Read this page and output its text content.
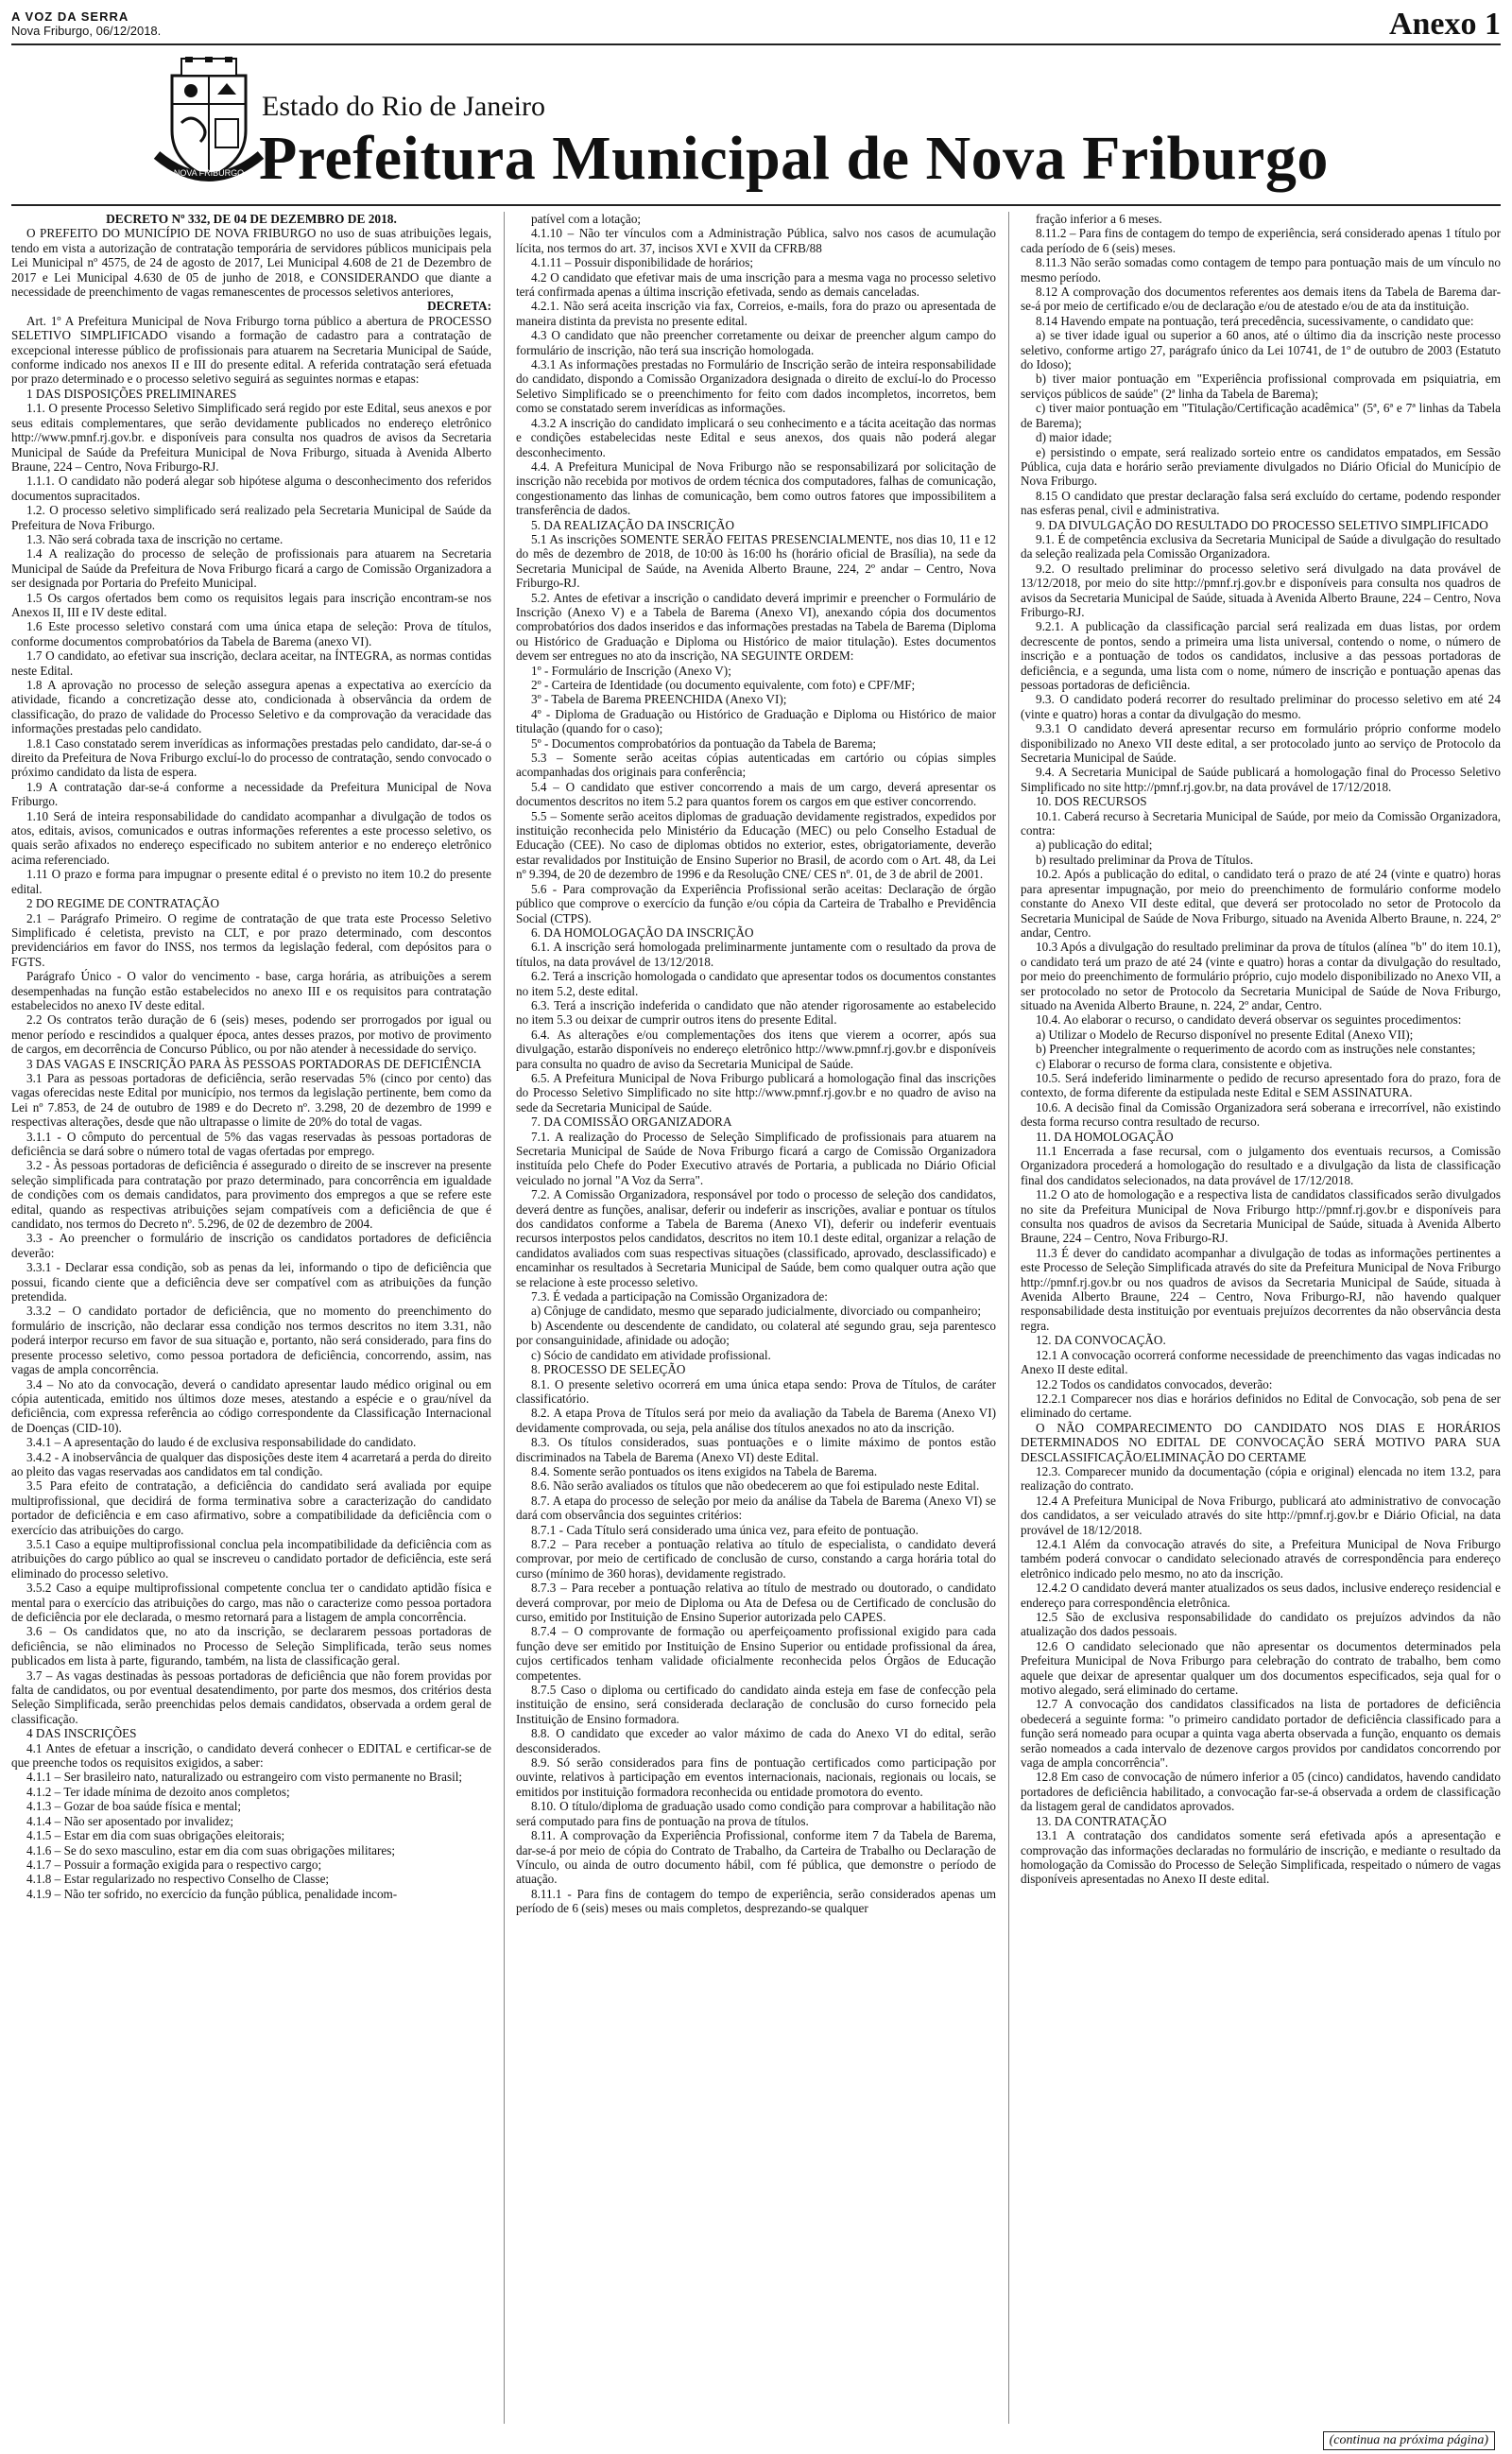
A VOZ DA SERRA
Nova Friburgo, 06/12/2018.	Anexo 1
NOVA FRIBURGO
Estado do Rio de Janeiro
Prefeitura Municipal de Nova Friburgo
DECRETO Nº 332, DE 04 DE DEZEMBRO DE 2018.

O PREFEITO DO MUNICÍPIO DE NOVA FRIBURGO no uso de suas atribuições legais, tendo em vista a autorização de contratação temporária de servidores públicos municipais pela Lei Municipal nº 4575, de 24 de agosto de 2017, Lei Municipal 4.608 de 21 de Dezembro de 2017 e Lei Municipal 4.630 de 05 de junho de 2018, e CONSIDERANDO que diante a necessidade de preenchimento de vagas remanescentes de processos seletivos anteriores,

DECRETA:

Art. 1º A Prefeitura Municipal de Nova Friburgo torna público a abertura de PROCESSO SELETIVO SIMPLIFICADO visando a formação de cadastro para a contratação de excepcional interesse público de profissionais para atuarem na Secretaria Municipal de Saúde, conforme indicado nos anexos II e III do presente edital. A referida contratação será efetuada por prazo determinado e o processo seletivo seguirá as seguintes normas e etapas:

1 DAS DISPOSIÇÕES PRELIMINARES

1.1. O presente Processo Seletivo Simplificado será regido por este Edital, seus anexos e por seus editais complementares, que serão devidamente publicados no endereço eletrônico http://www.pmnf.rj.gov.br. e disponíveis para consulta nos quadros de avisos da Secretaria Municipal de Saúde da Prefeitura Municipal de Nova Friburgo, situada à Avenida Alberto Braune, 224 – Centro, Nova Friburgo-RJ.

1.1.1. O candidato não poderá alegar sob hipótese alguma o desconhecimento dos referidos documentos supracitados.

1.2. O processo seletivo simplificado será realizado pela Secretaria Municipal de Saúde da Prefeitura de Nova Friburgo.

1.3. Não será cobrada taxa de inscrição no certame.

1.4 A realização do processo de seleção de profissionais para atuarem na Secretaria Municipal de Saúde da Prefeitura de Nova Friburgo ficará a cargo de Comissão Organizadora a ser designada por Portaria do Prefeito Municipal.

1.5 Os cargos ofertados bem como os requisitos legais para inscrição encontram-se nos Anexos II, III e IV deste edital.

1.6 Este processo seletivo constará com uma única etapa de seleção: Prova de títulos, conforme documentos comprobatórios da Tabela de Barema (anexo VI).

1.7 O candidato, ao efetivar sua inscrição, declara aceitar, na ÍNTEGRA, as normas contidas neste Edital.

1.8 A aprovação no processo de seleção assegura apenas a expectativa ao exercício da atividade, ficando a concretização desse ato, condicionada à observância da ordem de classificação, do prazo de validade do Processo Seletivo e da comprovação da veracidade das informações prestadas pelo candidato.

1.8.1 Caso constatado serem inverídicas as informações prestadas pelo candidato, dar-se-á o direito da Prefeitura de Nova Friburgo excluí-lo do processo de contratação, sendo convocado o próximo candidato da lista de espera.

1.9 A contratação dar-se-á conforme a necessidade da Prefeitura Municipal de Nova Friburgo.

1.10 Será de inteira responsabilidade do candidato acompanhar a divulgação de todos os atos, editais, avisos, comunicados e outras informações referentes a este processo seletivo, os quais serão afixados no endereço especificado no subitem anterior e no endereço eletrônico acima referenciado.

1.11 O prazo e forma para impugnar o presente edital é o previsto no item 10.2 do presente edital.

2 DO REGIME DE CONTRATAÇÃO

2.1 – Parágrafo Primeiro. O regime de contratação de que trata este Processo Seletivo Simplificado é celetista, previsto na CLT, e por prazo determinado, com descontos previdenciários em favor do INSS, nos termos da legislação federal, com depósitos para o FGTS.

Parágrafo Único - O valor do vencimento - base, carga horária, as atribuições a serem desempenhadas na função estão estabelecidos no anexo III e os requisitos para contratação estabelecidos no anexo IV deste edital.

2.2 Os contratos terão duração de 6 (seis) meses, podendo ser prorrogados por igual ou menor período e rescindidos a qualquer época, antes desses prazos, por motivo de provimento de cargos, em decorrência de Concurso Público, ou por não atender à necessidade do serviço.

3 DAS VAGAS E INSCRIÇÃO PARA ÀS PESSOAS PORTADORAS DE DEFICIÊNCIA

3.1 Para as pessoas portadoras de deficiência, serão reservadas 5% (cinco por cento) das vagas oferecidas neste Edital por município, nos termos da legislação pertinente, bem como da Lei nº 7.853, de 24 de outubro de 1989 e do Decreto nº. 3.298, 20 de dezembro de 1999 e respectivas alterações, desde que não ultrapasse o limite de 20% do total de vagas.

3.1.1 - O cômputo do percentual de 5% das vagas reservadas às pessoas portadoras de deficiência se dará sobre o número total de vagas ofertadas por emprego.

3.2 - Às pessoas portadoras de deficiência é assegurado o direito de se inscrever na presente seleção simplificada para contratação por prazo determinado, para concorrência em igualdade de condições com os demais candidatos, para provimento dos empregos a que se refere este edital, quando as respectivas atribuições sejam compatíveis com a deficiência de que é candidato, nos termos do Decreto nº. 5.296, de 02 de dezembro de 2004.

3.3 - Ao preencher o formulário de inscrição os candidatos portadores de deficiência deverão:

3.3.1 - Declarar essa condição, sob as penas da lei, informando o tipo de deficiência que possui, ficando ciente que a deficiência deve ser compatível com as atribuições da função pretendida.

3.3.2 – O candidato portador de deficiência, que no momento do preenchimento do formulário de inscrição, não declarar essa condição nos termos descritos no item 3.31, não poderá interpor recurso em favor de sua situação e, portanto, não será considerado, para fins do presente processo seletivo, como pessoa portadora de deficiência, concorrendo, assim, nas vagas de ampla concorrência.

3.4 – No ato da convocação, deverá o candidato apresentar laudo médico original ou em cópia autenticada, emitido nos últimos doze meses, atestando a espécie e o grau/nível da deficiência, com expressa referência ao código correspondente da Classificação Internacional de Doenças (CID-10).

3.4.1 – A apresentação do laudo é de exclusiva responsabilidade do candidato.

3.4.2 - A inobservância de qualquer das disposições deste item 4 acarretará a perda do direito ao pleito das vagas reservadas aos candidatos em tal condição.

3.5 Para efeito de contratação, a deficiência do candidato será avaliada por equipe multiprofissional, que decidirá de forma terminativa sobre a caracterização do candidato portador de deficiência e em caso afirmativo, sobre a compatibilidade da deficiência com o exercício das atribuições do cargo.

3.5.1 Caso a equipe multiprofissional conclua pela incompatibilidade da deficiência com as atribuições do cargo público ao qual se inscreveu o candidato portador de deficiência, este será eliminado do processo seletivo.

3.5.2 Caso a equipe multiprofissional competente conclua ter o candidato aptidão física e mental para o exercício das atribuições do cargo, mas não o caracterize como pessoa portadora de deficiência por ele declarada, o mesmo retornará para a listagem de ampla concorrência.

3.6 – Os candidatos que, no ato da inscrição, se declararem pessoas portadoras de deficiência, se não eliminados no Processo de Seleção Simplificada, terão seus nomes publicados em lista à parte, figurando, também, na lista de classificação geral.

3.7 – As vagas destinadas às pessoas portadoras de deficiência que não forem providas por falta de candidatos, ou por eventual desatendimento, por parte dos mesmos, dos critérios desta Seleção Simplificada, serão preenchidas pelos demais candidatos, observada a ordem geral de classificação.

4 DAS INSCRIÇÕES

4.1 Antes de efetuar a inscrição, o candidato deverá conhecer o EDITAL e certificar-se de que preenche todos os requisitos exigidos, a saber:

4.1.1 – Ser brasileiro nato, naturalizado ou estrangeiro com visto permanente no Brasil;

4.1.2 – Ter idade mínima de dezoito anos completos;

4.1.3 – Gozar de boa saúde física e mental;

4.1.4 – Não ser aposentado por invalidez;

4.1.5 – Estar em dia com suas obrigações eleitorais;

4.1.6 – Se do sexo masculino, estar em dia com suas obrigações militares;

4.1.7 – Possuir a formação exigida para o respectivo cargo;

4.1.8 – Estar regularizado no respectivo Conselho de Classe;

4.1.9 – Não ter sofrido, no exercício da função pública, penalidade incom-

patível com a lotação;

4.1.10 – Não ter vínculos com a Administração Pública, salvo nos casos de acumulação lícita, nos termos do art. 37, incisos XVI e XVII da CFRB/88

4.1.11 – Possuir disponibilidade de horários;

4.2 O candidato que efetivar mais de uma inscrição para a mesma vaga no processo seletivo terá confirmada apenas a última inscrição efetivada, sendo as demais canceladas.

4.2.1. Não será aceita inscrição via fax, Correios, e-mails, fora do prazo ou apresentada de maneira distinta da prevista no presente edital.

4.3 O candidato que não preencher corretamente ou deixar de preencher algum campo do formulário de inscrição, não terá sua inscrição homologada.

4.3.1 As informações prestadas no Formulário de Inscrição serão de inteira responsabilidade do candidato, dispondo a Comissão Organizadora designada o direito de excluí-lo do Processo Seletivo Simplificado se o preenchimento for feito com dados incompletos, incorretos, bem como se constatado serem inverídicas as informações.

4.3.2 A inscrição do candidato implicará o seu conhecimento e a tácita aceitação das normas e condições estabelecidas neste Edital e seus anexos, dos quais não poderá alegar desconhecimento.

4.4. A Prefeitura Municipal de Nova Friburgo não se responsabilizará por solicitação de inscrição não recebida por motivos de ordem técnica dos computadores, falhas de comunicação, congestionamento das linhas de comunicação, bem como outros fatores que impossibilitem a transferência de dados.

5. DA REALIZAÇÃO DA INSCRIÇÃO

5.1 As inscrições SOMENTE SERÃO FEITAS PRESENCIALMENTE, nos dias 10, 11 e 12 do mês de dezembro de 2018, de 10:00 às 16:00 hs (horário oficial de Brasília), na sede da Secretaria Municipal de Saúde, na Avenida Alberto Braune, 224, 2º andar – Centro, Nova Friburgo-RJ.

5.2. Antes de efetivar a inscrição o candidato deverá imprimir e preencher o Formulário de Inscrição (Anexo V) e a Tabela de Barema (Anexo VI), anexando cópia dos documentos comprobatórios dos dados inseridos e das informações prestadas na Tabela de Barema (Diploma ou Histórico de Graduação e Diploma ou Histórico de maior titulação). Estes documentos devem ser entregues no ato da inscrição, NA SEGUINTE ORDEM:

1º - Formulário de Inscrição (Anexo V);

2º - Carteira de Identidade (ou documento equivalente, com foto) e CPF/MF;

3º - Tabela de Barema PREENCHIDA (Anexo VI);

4º - Diploma de Graduação ou Histórico de Graduação e Diploma ou Histórico de maior titulação (quando for o caso);

5º - Documentos comprobatórios da pontuação da Tabela de Barema;

5.3 – Somente serão aceitas cópias autenticadas em cartório ou cópias simples acompanhadas dos originais para conferência;

5.4 – O candidato que estiver concorrendo a mais de um cargo, deverá apresentar os documentos descritos no item 5.2 para quantos forem os cargos em que estiver concorrendo.

5.5 – Somente serão aceitos diplomas de graduação devidamente registrados, expedidos por instituição reconhecida pelo Ministério da Educação (MEC) ou pelo Conselho Estadual de Educação (CEE). No caso de diplomas obtidos no exterior, estes, obrigatoriamente, deverão estar revalidados por Instituição de Ensino Superior no Brasil, de acordo com o Art. 48, da Lei nº 9.394, de 20 de dezembro de 1996 e da Resolução CNE/ CES nº. 01, de 3 de abril de 2001.

5.6 - Para comprovação da Experiência Profissional serão aceitas: Declaração de órgão público que comprove o exercício da função e/ou cópia da Carteira de Trabalho e Previdência Social (CTPS).

6. DA HOMOLOGAÇÃO DA INSCRIÇÃO

6.1. A inscrição será homologada preliminarmente juntamente com o resultado da prova de títulos, na data provável de 13/12/2018.

6.2. Terá a inscrição homologada o candidato que apresentar todos os documentos constantes no item 5.2, deste edital.

6.3. Terá a inscrição indeferida o candidato que não atender rigorosamente ao estabelecido no item 5.3 ou deixar de cumprir outros itens do presente Edital.

6.4. As alterações e/ou complementações dos itens que vierem a ocorrer, após sua divulgação, estarão disponíveis no endereço eletrônico http://www.pmnf.rj.gov.br e disponíveis para consulta no quadro de aviso da Secretaria Municipal de Saúde.

6.5. A Prefeitura Municipal de Nova Friburgo publicará a homologação final das inscrições do Processo Seletivo Simplificado no site http://www.pmnf.rj.gov.br e no quadro de aviso na sede da Secretaria Municipal de Saúde.

7. DA COMISSÃO ORGANIZADORA

7.1. A realização do Processo de Seleção Simplificado de profissionais para atuarem na Secretaria Municipal de Saúde de Nova Friburgo ficará a cargo de Comissão Organizadora instituída pelo Chefe do Poder Executivo através de Portaria, a publicada no Diário Oficial veiculado no jornal "A Voz da Serra".

7.2. A Comissão Organizadora, responsável por todo o processo de seleção dos candidatos, deverá dentre as funções, analisar, deferir ou indeferir as inscrições, avaliar e pontuar os títulos dos candidatos conforme a Tabela de Barema (Anexo VI), deferir ou indeferir eventuais recursos interpostos pelos candidatos, descritos no item 10.1 deste edital, organizar a relação de candidatos avaliados com suas respectivas situações (classificado, aprovado, desclassificado) e encaminhar os resultados à Secretaria Municipal de Saúde, bem como qualquer outra ação que se relacione à este processo seletivo.

7.3. É vedada a participação na Comissão Organizadora de:

a) Cônjuge de candidato, mesmo que separado judicialmente, divorciado ou companheiro;

b) Ascendente ou descendente de candidato, ou colateral até segundo grau, seja parentesco por consanguinidade, afinidade ou adoção;

c) Sócio de candidato em atividade profissional.

8. PROCESSO DE SELEÇÃO

8.1. O presente seletivo ocorrerá em uma única etapa sendo: Prova de Títulos, de caráter classificatório.

8.2. A etapa Prova de Títulos será por meio da avaliação da Tabela de Barema (Anexo VI) devidamente comprovada, ou seja, pela análise dos títulos anexados no ato da inscrição.

8.3. Os títulos considerados, suas pontuações e o limite máximo de pontos estão discriminados na Tabela de Barema (Anexo VI) deste Edital.

8.4. Somente serão pontuados os itens exigidos na Tabela de Barema.

8.6. Não serão avaliados os títulos que não obedecerem ao que foi estipulado neste Edital.

8.7. A etapa do processo de seleção por meio da análise da Tabela de Barema (Anexo VI) se dará com observância dos seguintes critérios:

8.7.1 - Cada Título será considerado uma única vez, para efeito de pontuação.

8.7.2 – Para receber a pontuação relativa ao título de especialista, o candidato deverá comprovar, por meio de certificado de conclusão de curso, constando a carga horária total do curso (mínimo de 360 horas), devidamente registrado.

8.7.3 – Para receber a pontuação relativa ao título de mestrado ou doutorado, o candidato deverá comprovar, por meio de Diploma ou Ata de Defesa ou de Certificado de conclusão do curso, emitido por Instituição de Ensino Superior autorizada pelo CAPES.

8.7.4 – O comprovante de formação ou aperfeiçoamento profissional exigido para cada função deve ser emitido por Instituição de Ensino Superior ou entidade profissional da área, cujos certificados tenham validade oficialmente reconhecida pelos Órgãos de Educação competentes.

8.7.5 Caso o diploma ou certificado do candidato ainda esteja em fase de confecção pela instituição de ensino, será considerada declaração de conclusão do curso fornecido pela Instituição de Ensino formadora.

8.8. O candidato que exceder ao valor máximo de cada do Anexo VI do edital, serão desconsiderados.

8.9. Só serão considerados para fins de pontuação certificados como participação por ouvinte, relativos à participação em eventos internacionais, nacionais, regionais ou locais, se emitidos por instituição formadora reconhecida ou entidade promotora do evento.

8.10. O título/diploma de graduação usado como condição para comprovar a habilitação não será computado para fins de pontuação na prova de títulos.

8.11. A comprovação da Experiência Profissional, conforme item 7 da Tabela de Barema, dar-se-á por meio de cópia do Contrato de Trabalho, da Carteira de Trabalho ou Declaração de Vínculo, ou ainda de outro documento hábil, com fé pública, que demonstre o período de atuação.

8.11.1 - Para fins de contagem do tempo de experiência, serão considerados apenas um período de 6 (seis) meses ou mais completos, desprezando-se qualquer

fração inferior a 6 meses.

8.11.2 – Para fins de contagem do tempo de experiência, será considerado apenas 1 título por cada período de 6 (seis) meses.

8.11.3 Não serão somadas como contagem de tempo para pontuação mais de um vínculo no mesmo período.

8.12 A comprovação dos documentos referentes aos demais itens da Tabela de Barema dar-se-á por meio de certificado e/ou de declaração e/ou de atestado e/ou de ata da instituição.

8.14 Havendo empate na pontuação, terá precedência, sucessivamente, o candidato que:

a) se tiver idade igual ou superior a 60 anos, até o último dia da inscrição neste processo seletivo, conforme artigo 27, parágrafo único da Lei 10741, de 1º de outubro de 2003 (Estatuto do Idoso);

b) tiver maior pontuação em "Experiência profissional comprovada em psiquiatria, em serviços públicos de saúde" (2ª linha da Tabela de Barema);

c) tiver maior pontuação em "Titulação/Certificação acadêmica" (5ª, 6ª e 7ª linhas da Tabela de Barema);

d) maior idade;

e) persistindo o empate, será realizado sorteio entre os candidatos empatados, em Sessão Pública, cuja data e horário serão previamente divulgados no Diário Oficial do Município de Nova Friburgo.

8.15 O candidato que prestar declaração falsa será excluído do certame, podendo responder nas esferas penal, civil e administrativa.

9. DA DIVULGAÇÃO DO RESULTADO DO PROCESSO SELETIVO SIMPLIFICADO

9.1. É de competência exclusiva da Secretaria Municipal de Saúde a divulgação do resultado da seleção realizada pela Comissão Organizadora.

9.2. O resultado preliminar do processo seletivo será divulgado na data provável de 13/12/2018, por meio do site http://pmnf.rj.gov.br e disponíveis para consulta nos quadros de avisos da Secretaria Municipal de Saúde, situada à Avenida Alberto Braune, 224 – Centro, Nova Friburgo-RJ.

9.2.1. A publicação da classificação parcial será realizada em duas listas, por ordem decrescente de pontos, sendo a primeira uma lista universal, contendo o nome, o número de inscrição e a pontuação de todos os candidatos, inclusive a das pessoas portadoras de deficiência, e a segunda, uma lista com o nome, número de inscrição e pontuação apenas das pessoas portadoras de deficiência.

9.3. O candidato poderá recorrer do resultado preliminar do processo seletivo em até 24 (vinte e quatro) horas a contar da divulgação do mesmo.

9.3.1 O candidato deverá apresentar recurso em formulário próprio conforme modelo disponibilizado no Anexo VII deste edital, a ser protocolado junto ao serviço de Protocolo da Secretaria Municipal de Saúde.

9.4. A Secretaria Municipal de Saúde publicará a homologação final do Processo Seletivo Simplificado no site http://pmnf.rj.gov.br, na data provável de 17/12/2018.

10. DOS RECURSOS

10.1. Caberá recurso à Secretaria Municipal de Saúde, por meio da Comissão Organizadora, contra:

a) publicação do edital;

b) resultado preliminar da Prova de Títulos.

10.2. Após a publicação do edital, o candidato terá o prazo de até 24 (vinte e quatro) horas para apresentar impugnação, por meio do preenchimento de formulário conforme modelo constante do Anexo VII deste edital, que deverá ser protocolado no setor de Protocolo da Secretaria Municipal de Saúde de Nova Friburgo, situado na Avenida Alberto Braune, n. 224, 2º andar, Centro.

10.3 Após a divulgação do resultado preliminar da prova de títulos (alínea "b" do item 10.1), o candidato terá um prazo de até 24 (vinte e quatro) horas a contar da divulgação do resultado, por meio do preenchimento de formulário próprio, cujo modelo disponibilizado no Anexo VII, a ser protocolado no setor de Protocolo da Secretaria Municipal de Saúde de Nova Friburgo, situado na Avenida Alberto Braune, n. 224, 2º andar, Centro.

10.4. Ao elaborar o recurso, o candidato deverá observar os seguintes procedimentos:

a) Utilizar o Modelo de Recurso disponível no presente Edital (Anexo VII);

b) Preencher integralmente o requerimento de acordo com as instruções nele constantes;

c) Elaborar o recurso de forma clara, consistente e objetiva.

10.5. Será indeferido liminarmente o pedido de recurso apresentado fora do prazo, fora de contexto, de forma diferente da estipulada neste Edital e SEM ASSINATURA.

10.6. A decisão final da Comissão Organizadora será soberana e irrecorrível, não existindo desta forma recurso contra resultado de recurso.

11. DA HOMOLOGAÇÃO

11.1 Encerrada a fase recursal, com o julgamento dos eventuais recursos, a Comissão Organizadora procederá a homologação do resultado e a divulgação da lista de classificação final dos candidatos selecionados, na data provável de 17/12/2018.

11.2 O ato de homologação e a respectiva lista de candidatos classificados serão divulgados no site da Prefeitura Municipal de Nova Friburgo http://pmnf.rj.gov.br e disponíveis para consulta nos quadros de avisos da Secretaria Municipal de Saúde, situada à Avenida Alberto Braune, 224 – Centro, Nova Friburgo-RJ.

11.3 É dever do candidato acompanhar a divulgação de todas as informações pertinentes a este Processo de Seleção Simplificada através do site da Prefeitura Municipal de Nova Friburgo http://pmnf.rj.gov.br ou nos quadros de avisos da Secretaria Municipal de Saúde, situada à Avenida Alberto Braune, 224 – Centro, Nova Friburgo-RJ, não havendo qualquer responsabilidade desta instituição por eventuais prejuízos decorrentes da não observância desta regra.

12. DA CONVOCAÇÃO.

12.1 A convocação ocorrerá conforme necessidade de preenchimento das vagas indicadas no Anexo II deste edital.

12.2 Todos os candidatos convocados, deverão:

12.2.1 Comparecer nos dias e horários definidos no Edital de Convocação, sob pena de ser eliminado do certame.

O NÃO COMPARECIMENTO DO CANDIDATO NOS DIAS E HORÁRIOS DETERMINADOS NO EDITAL DE CONVOCAÇÃO SERÁ MOTIVO PARA SUA DESCLASSIFICAÇÃO/ELIMINAÇÃO DO CERTAME

12.3. Comparecer munido da documentação (cópia e original) elencada no item 13.2, para realização do contrato.

12.4 A Prefeitura Municipal de Nova Friburgo, publicará ato administrativo de convocação dos candidatos, a ser veiculado através do site http://pmnf.rj.gov.br e Diário Oficial, na data provável de 18/12/2018.

12.4.1 Além da convocação através do site, a Prefeitura Municipal de Nova Friburgo também poderá convocar o candidato selecionado através de correspondência para endereço eletrônico indicado pelo mesmo, no ato da inscrição.

12.4.2 O candidato deverá manter atualizados os seus dados, inclusive endereço residencial e endereço para correspondência eletrônica.

12.5 São de exclusiva responsabilidade do candidato os prejuízos advindos da não atualização dos dados pessoais.

12.6 O candidato selecionado que não apresentar os documentos determinados pela Prefeitura Municipal de Nova Friburgo para celebração do contrato de trabalho, bem como aquele que deixar de apresentar qualquer um dos documentos especificados, seja qual for o motivo alegado, será eliminado do certame.

12.7 A convocação dos candidatos classificados na lista de portadores de deficiência obedecerá a seguinte forma: "o primeiro candidato portador de deficiência classificado para a função será nomeado para ocupar a quinta vaga aberta observada a função, enquanto os demais serão nomeados a cada intervalo de dezenove cargos providos por candidatos concorrendo por vaga de ampla concorrência".

12.8 Em caso de convocação de número inferior a 05 (cinco) candidatos, havendo candidato portadores de deficiência habilitado, a convocação far-se-á observada a ordem de classificação da listagem geral de candidatos aprovados.

13. DA CONTRATAÇÃO

13.1 A contratação dos candidatos somente será efetivada após a apresentação e comprovação das informações declaradas no formulário de inscrição, e mediante o resultado da homologação da Comissão do Processo de Seleção Simplificada, respeitado o número de vagas disponíveis apresentadas no Anexo II deste edital.

(continua na próxima página)
